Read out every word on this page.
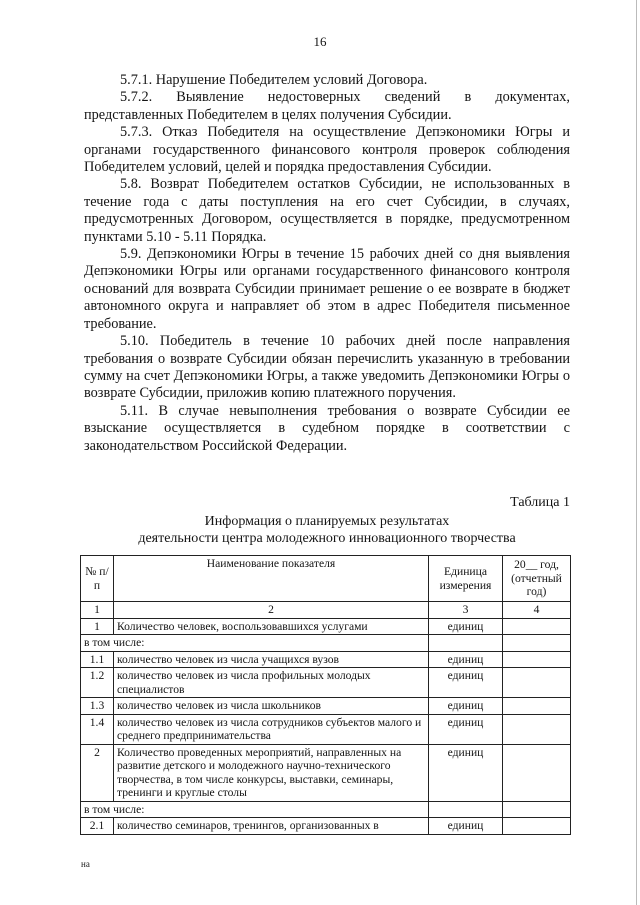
16

5.7.1. Нарушение Победителем условий Договора.

5.7.2. Выявление недостоверных сведений в документах, представленных Победителем в целях получения Субсидии.

5.7.3. Отказ Победителя на осуществление Депэкономики Югры и органами государственного финансового контроля проверок соблюдения Победителем условий, целей и порядка предоставления Субсидии.

5.8. Возврат Победителем остатков Субсидии, не использованных в течение года с даты поступления на его счет Субсидии, в случаях, предусмотренных Договором, осуществляется в порядке, предусмотренном пунктами 5.10 - 5.11 Порядка.

5.9. Депэкономики Югры в течение 15 рабочих дней со дня выявления Депэкономики Югры или органами государственного финансового контроля оснований для возврата Субсидии принимает решение о ее возврате в бюджет автономного округа и направляет об этом в адрес Победителя письменное требование.

5.10. Победитель в течение 10 рабочих дней после направления требования о возврате Субсидии обязан перечислить указанную в требовании сумму на счет Депэкономики Югры, а также уведомить Депэкономики Югры о возврате Субсидии, приложив копию платежного поручения.

5.11. В случае невыполнения требования о возврате Субсидии ее взыскание осуществляется в судебном порядке в соответствии с законодательством Российской Федерации.

Таблица 1
Информация о планируемых результатах
деятельности центра молодежного инновационного творчества
№ п/п	Наименование показателя	Единица измерения	20__ год, (отчетный год)
1	2	3	4
1	Количество человек, воспользовавшихся услугами	единиц	
в том числе:			
1.1	количество человек из числа учащихся вузов	единиц	
1.2	количество человек из числа профильных молодых специалистов	единиц	
1.3	количество человек из числа школьников	единиц	
1.4	количество человек из числа сотрудников субъектов малого и среднего предпринимательства	единиц	
2	Количество проведенных мероприятий, направленных на развитие детского и молодежного научно-технического творчества, в том числе конкурсы, выставки, семинары, тренинги и круглые столы	единиц	
в том числе:			
2.1	количество семинаров, тренингов, организованных в	единиц	
на
